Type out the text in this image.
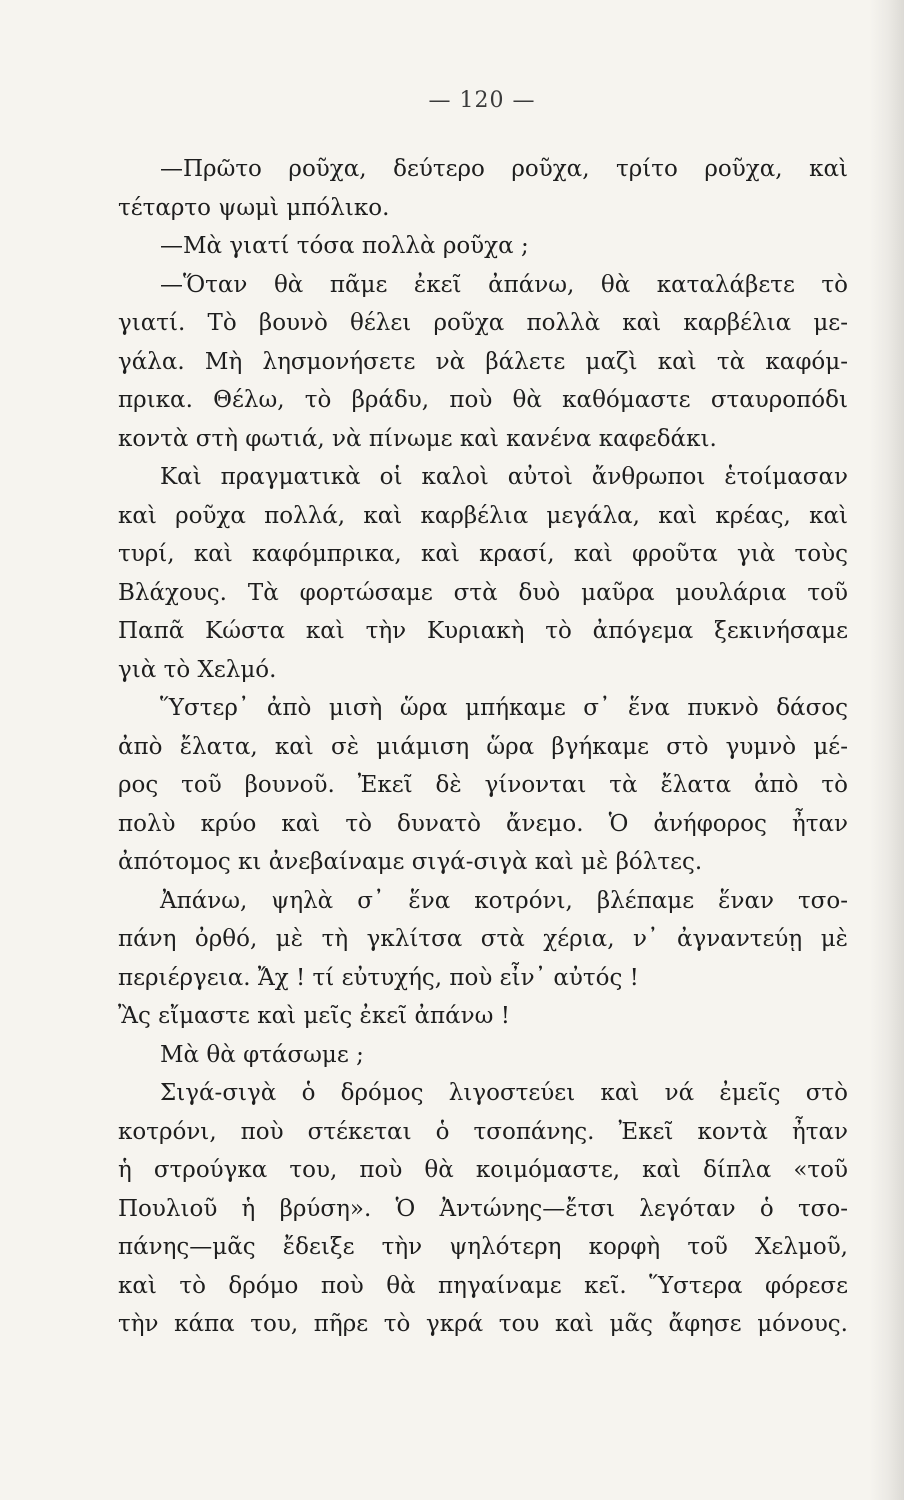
— 120 —
—Πρῶτο ροῦχα, δεύτερο ροῦχα, τρίτο ροῦχα, καὶ
τέταρτο ψωμὶ μπόλικο.
—Μὰ γιατί τόσα πολλὰ ροῦχα ;
—Ὅταν θὰ πᾶμε ἐκεῖ ἀπάνω, θὰ καταλάβετε τὸ
γιατί. Τὸ βουνὸ θέλει ροῦχα πολλὰ καὶ καρβέλια με-
γάλα. Μὴ λησμονήσετε νὰ βάλετε μαζὶ καὶ τὰ καφόμ-
πρικα. Θέλω, τὸ βράδυ, ποὺ θὰ καθόμαστε σταυροπόδι
κοντὰ στὴ φωτιά, νὰ πίνωμε καὶ κανένα καφεδάκι.
Καὶ πραγματικὰ οἱ καλοὶ αὐτοὶ ἄνθρωποι ἑτοίμασαν
καὶ ροῦχα πολλά, καὶ καρβέλια μεγάλα, καὶ κρέας, καὶ
τυρί, καὶ καφόμπρικα, καὶ κρασί, καὶ φροῦτα γιὰ τοὺς
Βλάχους. Τὰ φορτώσαμε στὰ δυὸ μαῦρα μουλάρια τοῦ
Παπᾶ Κώστα καὶ τὴν Κυριακὴ τὸ ἀπόγεμα ξεκινήσαμε
γιὰ τὸ Χελμό.
Ὕστερ᾽ ἀπὸ μισὴ ὥρα μπήκαμε σ᾽ ἕνα πυκνὸ δάσος
ἀπὸ ἔλατα, καὶ σὲ μιάμιση ὥρα βγήκαμε στὸ γυμνὸ μέ-
ρος τοῦ βουνοῦ. Ἐκεῖ δὲ γίνονται τὰ ἔλατα ἀπὸ τὸ
πολὺ κρύο καὶ τὸ δυνατὸ ἄνεμο. Ὁ ἀνήφορος ἦταν
ἀπότομος κι ἀνεβαίναμε σιγά-σιγὰ καὶ μὲ βόλτες.
Ἀπάνω, ψηλὰ σ᾽ ἕνα κοτρόνι, βλέπαμε ἕναν τσο-
πάνη ὀρθό, μὲ τὴ γκλίτσα στὰ χέρια, ν᾽ ἀγναντεύῃ μὲ
περιέργεια. Ἄχ ! τί εὐτυχής, ποὺ εἶν᾽ αὐτός !
Ἂς εἴμαστε καὶ μεῖς ἐκεῖ ἀπάνω !
Μὰ θὰ φτάσωμε ;
Σιγά-σιγὰ ὁ δρόμος λιγοστεύει καὶ νά ἐμεῖς στὸ
κοτρόνι, ποὺ στέκεται ὁ τσοπάνης. Ἐκεῖ κοντὰ ἦταν
ἡ στρούγκα του, ποὺ θὰ κοιμόμαστε, καὶ δίπλα «τοῦ
Πουλιοῦ ἡ βρύση». Ὁ Ἀντώνης—ἔτσι λεγόταν ὁ τσο-
πάνης—μᾶς ἔδειξε τὴν ψηλότερη κορφὴ τοῦ Χελμοῦ,
καὶ τὸ δρόμο ποὺ θὰ πηγαίναμε κεῖ. Ὕστερα φόρεσε
τὴν κάπα του, πῆρε τὸ γκρά του καὶ μᾶς ἄφησε μόνους.
